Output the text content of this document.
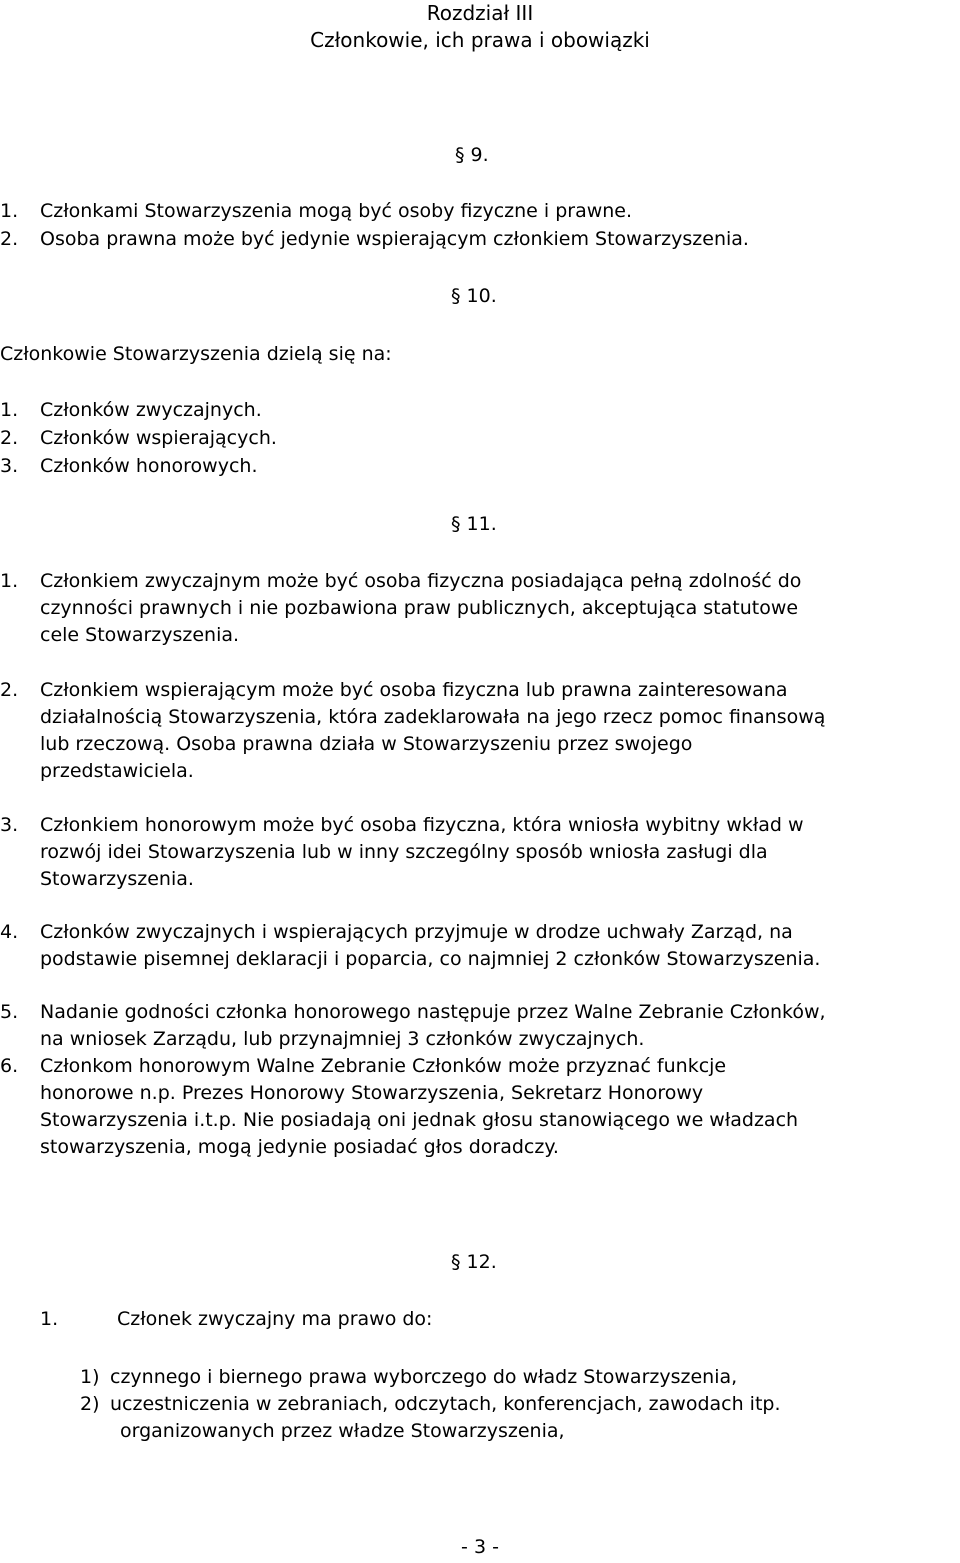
Rozdział III
Członkowie, ich prawa i obowiązki
§ 9.
1. Członkami Stowarzyszenia mogą być osoby fizyczne i prawne.
2. Osoba prawna może być jedynie wspierającym członkiem Stowarzyszenia.
§ 10.
Członkowie Stowarzyszenia dzielą się na:
1. Członków zwyczajnych.
2. Członków wspierających.
3. Członków honorowych.
§ 11.
1. Członkiem zwyczajnym może być osoba fizyczna posiadająca pełną zdolność do
czynności prawnych i nie pozbawiona praw publicznych, akceptująca statutowe
cele Stowarzyszenia.
2. Członkiem wspierającym może być osoba fizyczna lub prawna zainteresowana
działalnością Stowarzyszenia, która zadeklarowała na jego rzecz pomoc finansową
lub rzeczową. Osoba prawna działa w Stowarzyszeniu przez swojego
przedstawiciela.
3. Członkiem honorowym może być osoba fizyczna, która wniosła wybitny wkład w
rozwój idei Stowarzyszenia lub w inny szczególny sposób wniosła zasługi dla
Stowarzyszenia.
4. Członków zwyczajnych i wspierających przyjmuje w drodze uchwały Zarząd, na
podstawie pisemnej deklaracji i poparcia, co najmniej 2 członków Stowarzyszenia.
5. Nadanie godności członka honorowego następuje przez Walne Zebranie Członków,
na wniosek Zarządu, lub przynajmniej 3 członków zwyczajnych.
6. Członkom honorowym Walne Zebranie Członków może przyznać funkcje
honorowe n.p. Prezes Honorowy Stowarzyszenia, Sekretarz Honorowy
Stowarzyszenia i.t.p. Nie posiadają oni jednak głosu stanowiącego we władzach
stowarzyszenia, mogą jedynie posiadać głos doradczy.
§ 12.
1.	Członek zwyczajny ma prawo do:
1) czynnego i biernego prawa wyborczego do władz Stowarzyszenia,
2) uczestniczenia w zebraniach, odczytach, konferencjach, zawodach itp.
organizowanych przez władze Stowarzyszenia,
- 3 -
